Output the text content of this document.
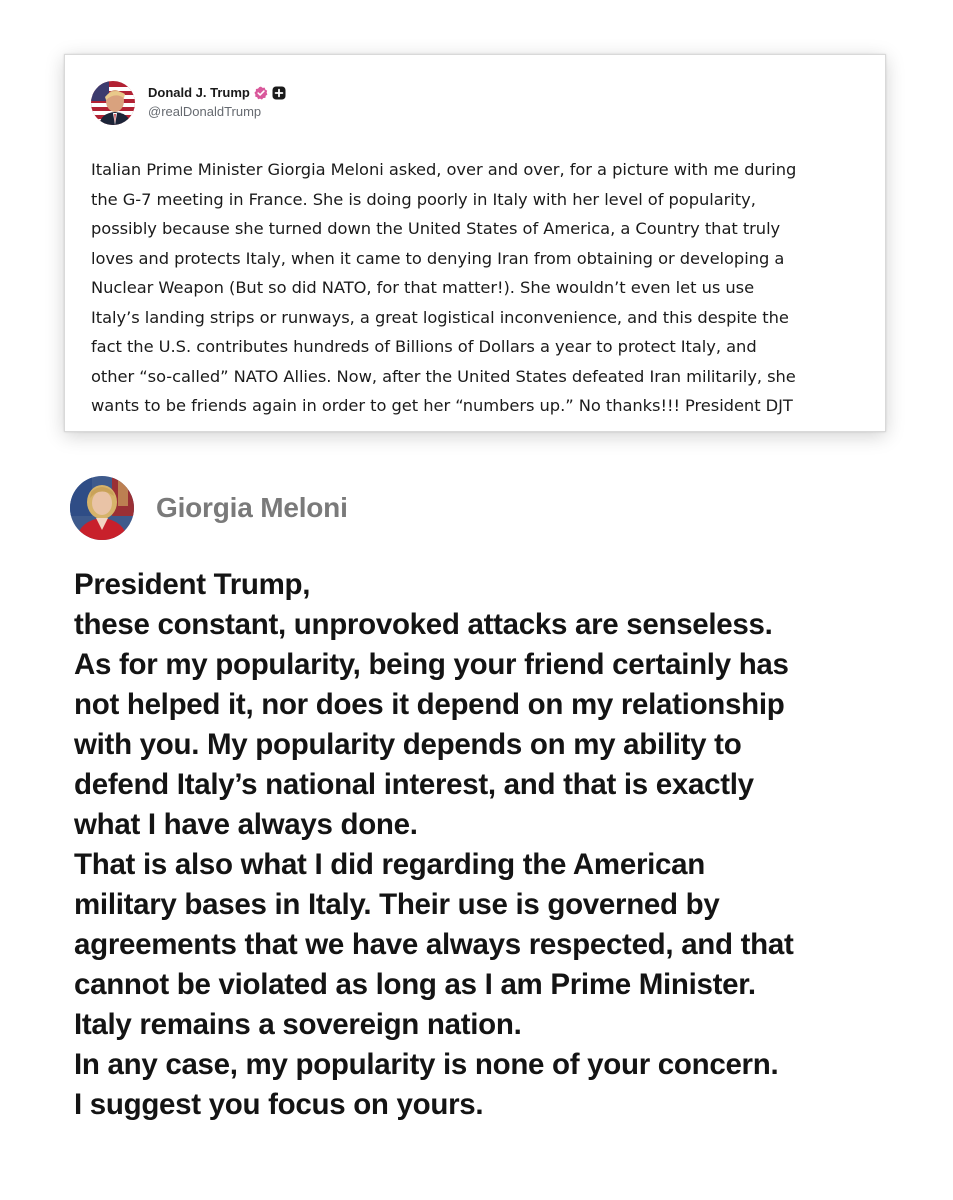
Donald J. Trump
@realDonaldTrump
Italian Prime Minister Giorgia Meloni asked, over and over, for a picture with me during
the G-7 meeting in France. She is doing poorly in Italy with her level of popularity,
possibly because she turned down the United States of America, a Country that truly
loves and protects Italy, when it came to denying Iran from obtaining or developing a
Nuclear Weapon (But so did NATO, for that matter!). She wouldn’t even let us use
Italy’s landing strips or runways, a great logistical inconvenience, and this despite the
fact the U.S. contributes hundreds of Billions of Dollars a year to protect Italy, and
other “so-called” NATO Allies. Now, after the United States defeated Iran militarily, she
wants to be friends again in order to get her “numbers up.” No thanks!!! President DJT
Giorgia Meloni
President Trump,
these constant, unprovoked attacks are senseless.
As for my popularity, being your friend certainly has
not helped it, nor does it depend on my relationship
with you. My popularity depends on my ability to
defend Italy’s national interest, and that is exactly
what I have always done.
That is also what I did regarding the American
military bases in Italy. Their use is governed by
agreements that we have always respected, and that
cannot be violated as long as I am Prime Minister.
Italy remains a sovereign nation.
In any case, my popularity is none of your concern.
I suggest you focus on yours.
